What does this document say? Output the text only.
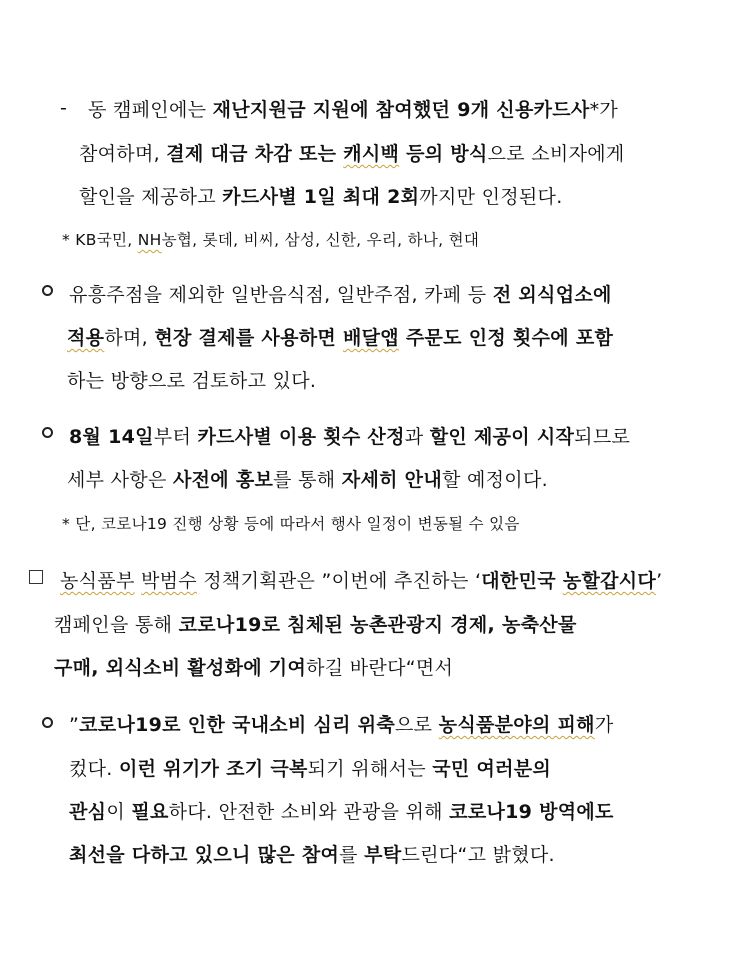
- 동 캠페인에는 재난지원금 지원에 참여했던 9개 신용카드사*가
참여하며, 결제 대금 차감 또는 캐시백 등의 방식으로 소비자에게
할인을 제공하고 카드사별 1일 최대 2회까지만 인정된다.
* KB국민, NH농협, 롯데, 비씨, 삼성, 신한, 우리, 하나, 현대
유흥주점을 제외한 일반음식점, 일반주점, 카페 등 전 외식업소에
적용하며, 현장 결제를 사용하면 배달앱 주문도 인정 횟수에 포함
하는 방향으로 검토하고 있다.
8월 14일부터 카드사별 이용 횟수 산정과 할인 제공이 시작되므로
세부 사항은 사전에 홍보를 통해 자세히 안내할 예정이다.
* 단, 코로나19 진행 상황 등에 따라서 행사 일정이 변동될 수 있음
농식품부 박범수 정책기획관은 ”이번에 추진하는 ‘대한민국 농할갑시다’
캠페인을 통해 코로나19로 침체된 농촌관광지 경제, 농축산물
구매, 외식소비 활성화에 기여하길 바란다“면서
”코로나19로 인한 국내소비 심리 위축으로 농식품분야의 피해가
컸다. 이런 위기가 조기 극복되기 위해서는 국민 여러분의
관심이 필요하다. 안전한 소비와 관광을 위해 코로나19 방역에도
최선을 다하고 있으니 많은 참여를 부탁드린다“고 밝혔다.
